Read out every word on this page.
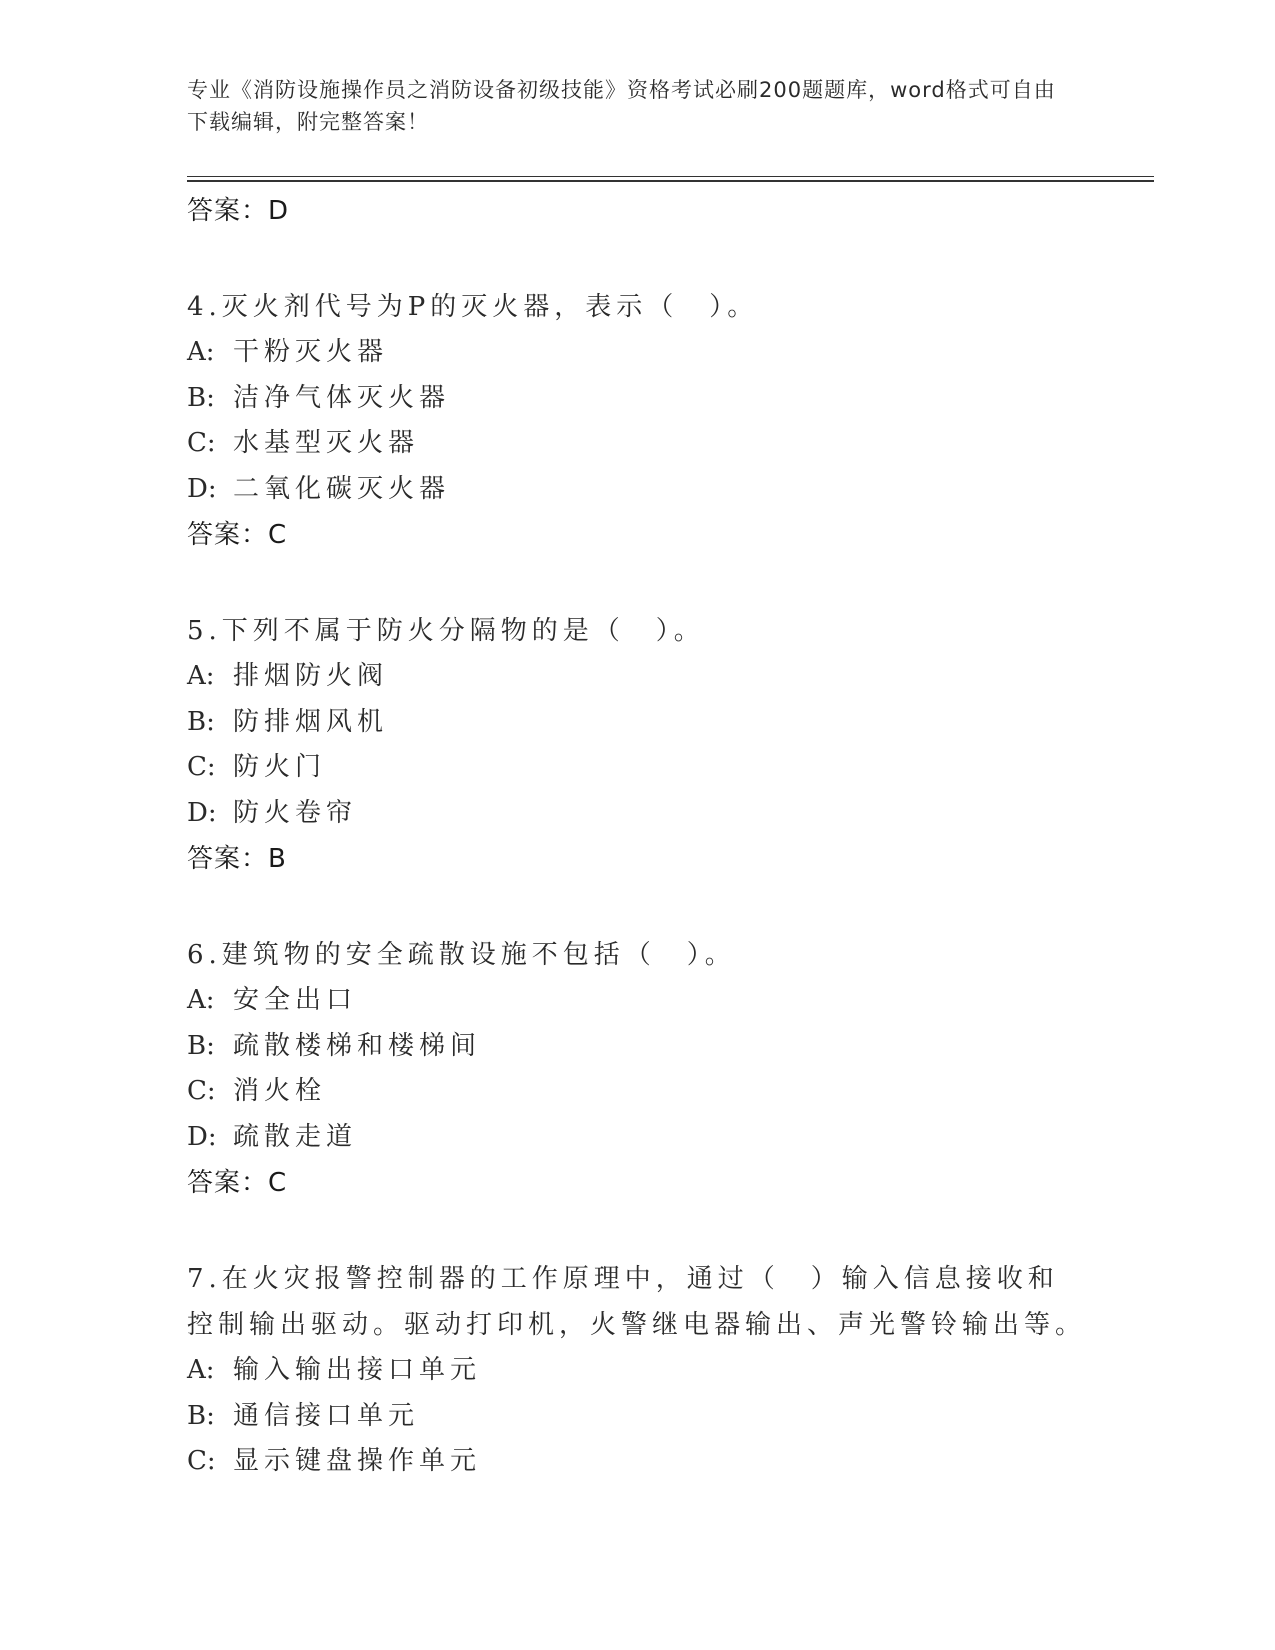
专业《消防设施操作员之消防设备初级技能》资格考试必刷200题题库，word格式可自由下载编辑，附完整答案！
答案：D
4.灭火剂代号为P的灭火器，表示（　）。
A: 干粉灭火器
B: 洁净气体灭火器
C: 水基型灭火器
D: 二氧化碳灭火器
答案：C
5.下列不属于防火分隔物的是（　）。
A: 排烟防火阀
B: 防排烟风机
C: 防火门
D: 防火卷帘
答案：B
6.建筑物的安全疏散设施不包括（　）。
A: 安全出口
B: 疏散楼梯和楼梯间
C: 消火栓
D: 疏散走道
答案：C
7.在火灾报警控制器的工作原理中，通过（　）输入信息接收和控制输出驱动。驱动打印机，火警继电器输出、声光警铃输出等。
A: 输入输出接口单元
B: 通信接口单元
C: 显示键盘操作单元
